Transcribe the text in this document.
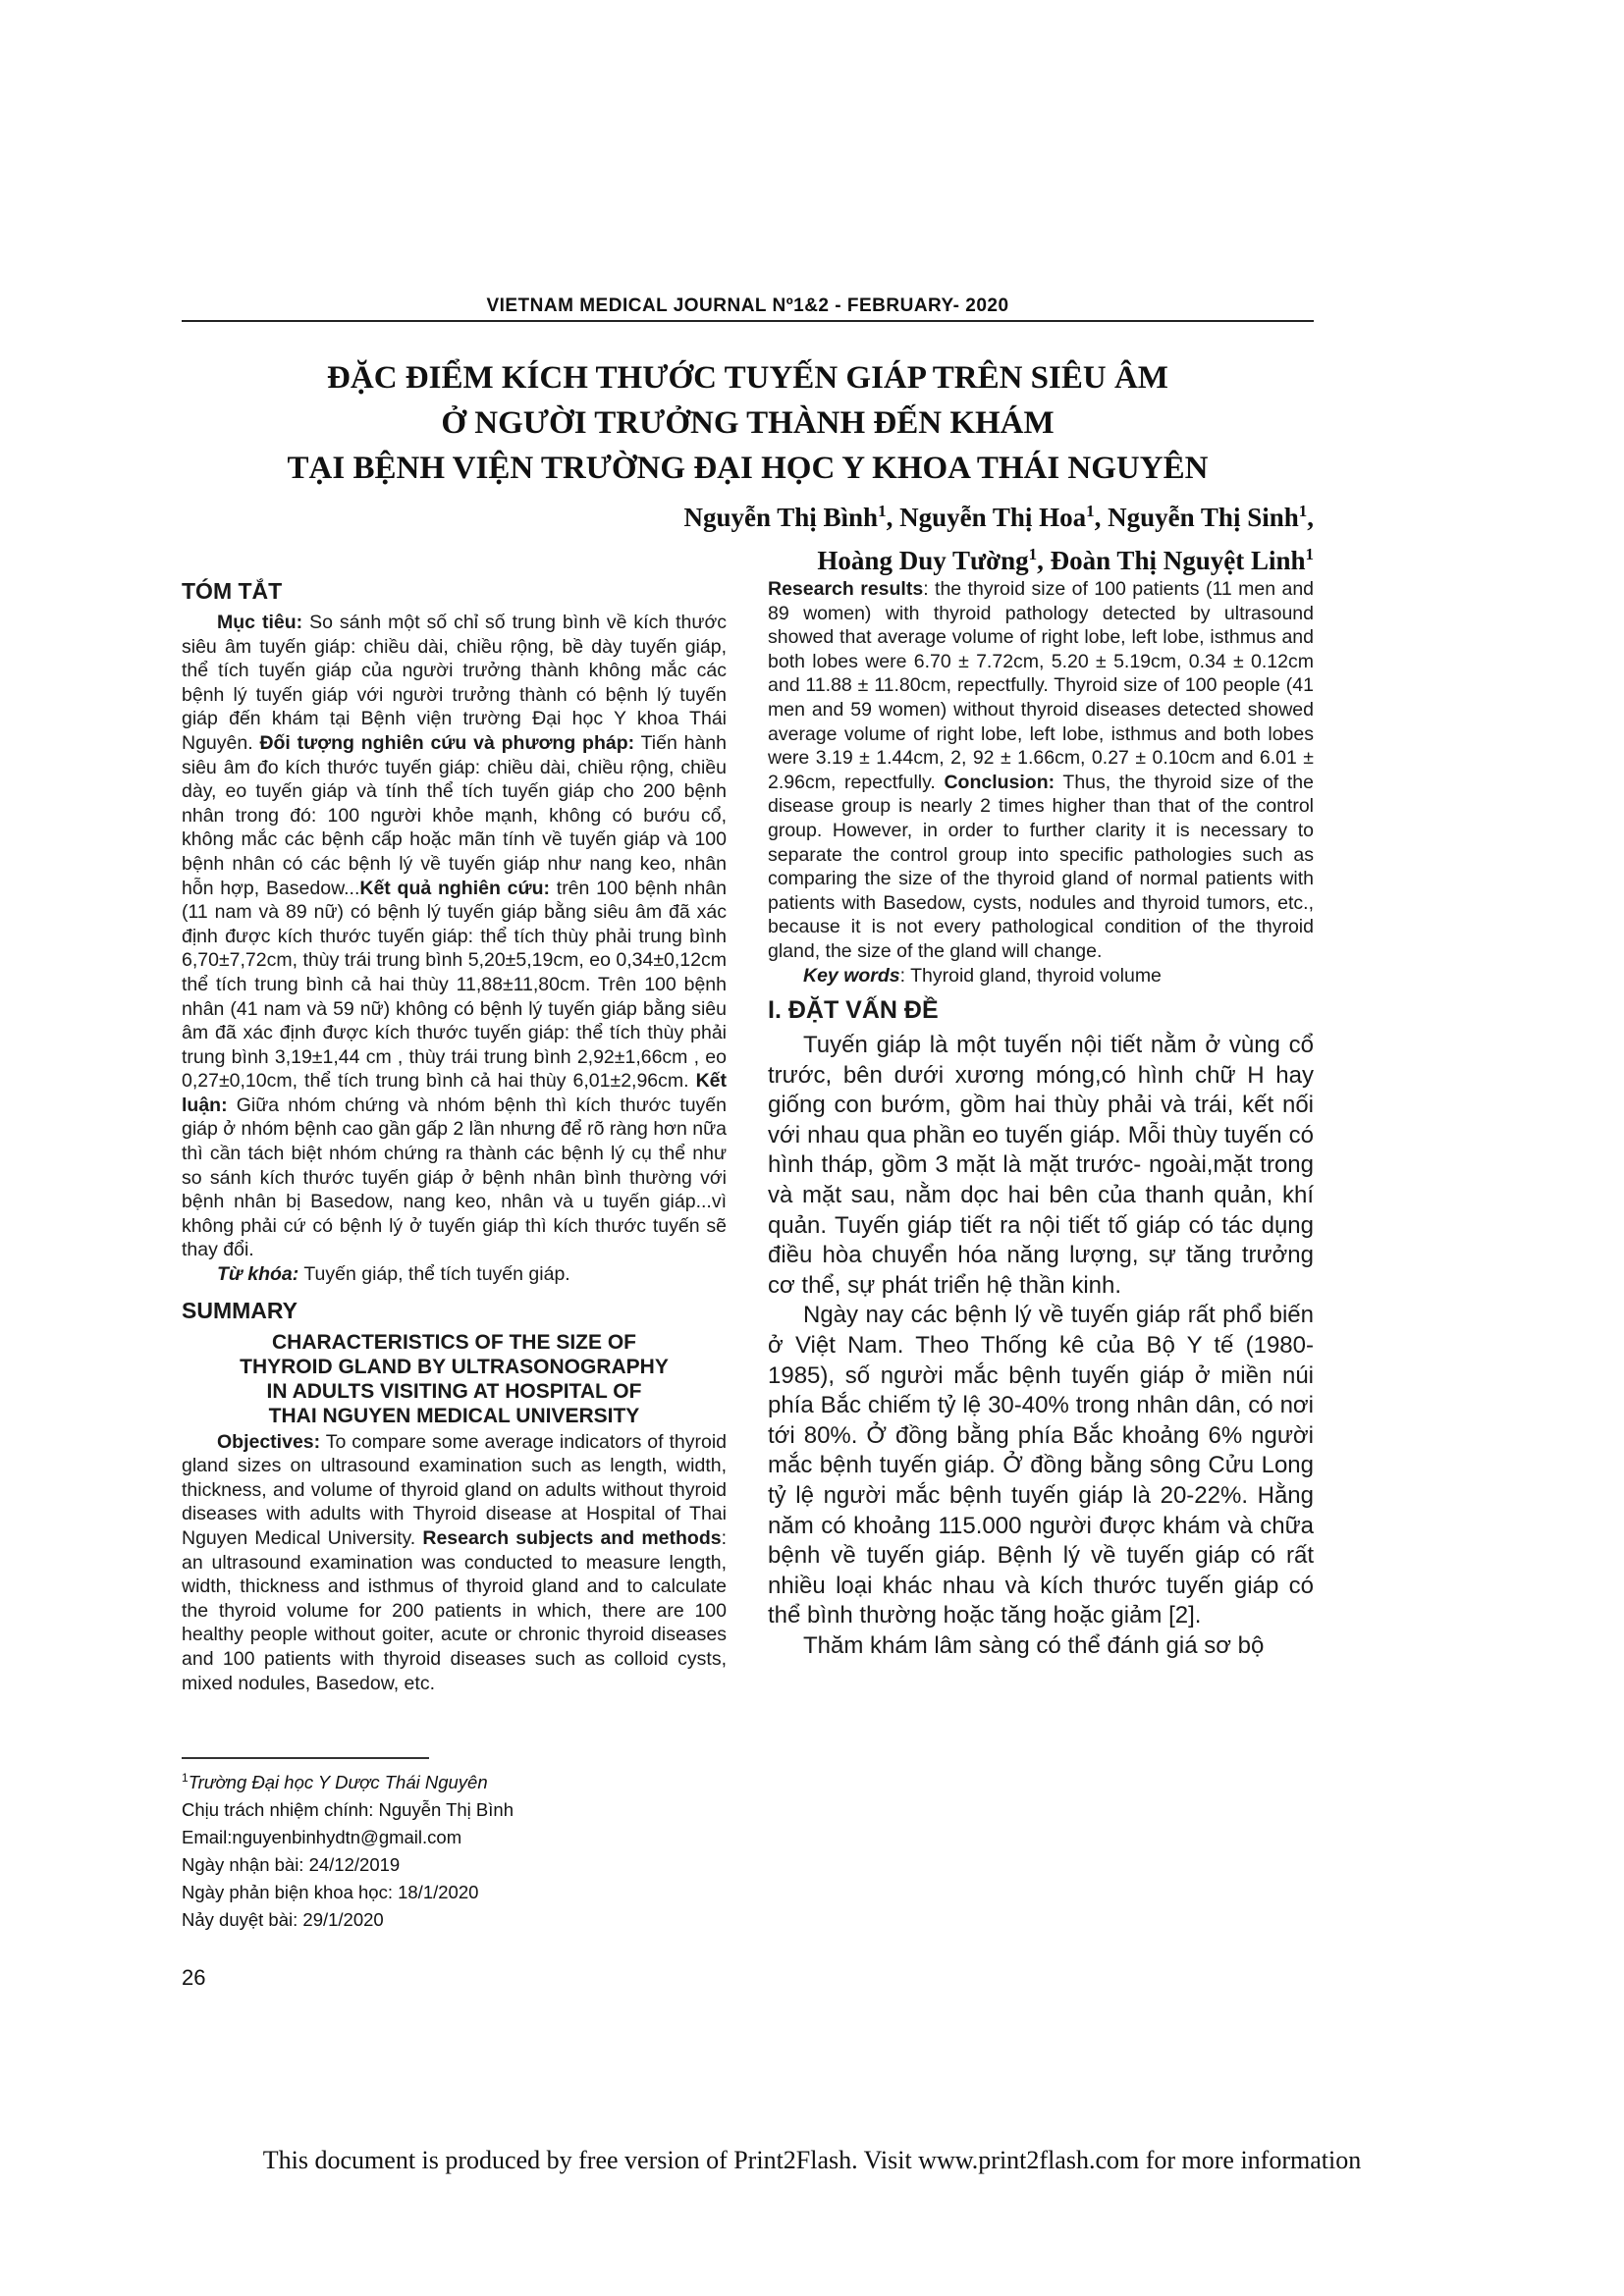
VIETNAM MEDICAL JOURNAL Nº1&2 - FEBRUARY- 2020
ĐẶC ĐIỂM KÍCH THƯỚC TUYẾN GIÁP TRÊN SIÊU ÂM
Ở NGƯỜI TRƯỞNG THÀNH ĐẾN KHÁM
TẠI BỆNH VIỆN TRƯỜNG ĐẠI HỌC Y KHOA THÁI NGUYÊN
Nguyễn Thị Bình$^1$, Nguyễn Thị Hoa$^1$, Nguyễn Thị Sinh$^1$,
Hoàng Duy Tường$^1$, Đoàn Thị Nguyệt Linh$^1$
TÓM TẮT

Mục tiêu: So sánh một số chỉ số trung bình về kích thước siêu âm tuyến giáp: chiều dài, chiều rộng, bề dày tuyến giáp, thể tích tuyến giáp của người trưởng thành không mắc các bệnh lý tuyến giáp với người trưởng thành có bệnh lý tuyến giáp đến khám tại Bệnh viện trường Đại học Y khoa Thái Nguyên. Đối tượng nghiên cứu và phương pháp: Tiến hành siêu âm đo kích thước tuyến giáp: chiều dài, chiều rộng, chiều dày, eo tuyến giáp và tính thể tích tuyến giáp cho 200 bệnh nhân trong đó: 100 người khỏe mạnh, không có bướu cổ, không mắc các bệnh cấp hoặc mãn tính về tuyến giáp và 100 bệnh nhân có các bệnh lý về tuyến giáp như nang keo, nhân hỗn hợp, Basedow...Kết quả nghiên cứu: trên 100 bệnh nhân (11 nam và 89 nữ) có bệnh lý tuyến giáp bằng siêu âm đã xác định được kích thước tuyến giáp: thể tích thùy phải trung bình 6,70±7,72cm, thùy trái trung bình 5,20±5,19cm, eo 0,34±0,12cm thể tích trung bình cả hai thùy 11,88±11,80cm. Trên 100 bệnh nhân (41 nam và 59 nữ) không có bệnh lý tuyến giáp bằng siêu âm đã xác định được kích thước tuyến giáp: thể tích thùy phải trung bình 3,19±1,44 cm , thùy trái trung bình 2,92±1,66cm , eo 0,27±0,10cm, thể tích trung bình cả hai thùy 6,01±2,96cm. Kết luận: Giữa nhóm chứng và nhóm bệnh thì kích thước tuyến giáp ở nhóm bệnh cao gần gấp 2 lần nhưng để rõ ràng hơn nữa thì cần tách biệt nhóm chứng ra thành các bệnh lý cụ thể như so sánh kích thước tuyến giáp ở bệnh nhân bình thường với bệnh nhân bị Basedow, nang keo, nhân và u tuyến giáp...vì không phải cứ có bệnh lý ở tuyến giáp thì kích thước tuyến sẽ thay đổi.

Từ khóa: Tuyến giáp, thể tích tuyến giáp.

SUMMARY
CHARACTERISTICS OF THE SIZE OF
THYROID GLAND BY ULTRASONOGRAPHY
IN ADULTS VISITING AT HOSPITAL OF
THAI NGUYEN MEDICAL UNIVERSITY

Objectives: To compare some average indicators of thyroid gland sizes on ultrasound examination such as length, width, thickness, and volume of thyroid gland on adults without thyroid diseases with adults with Thyroid disease at Hospital of Thai Nguyen Medical University. Research subjects and methods: an ultrasound examination was conducted to measure length, width, thickness and isthmus of thyroid gland and to calculate the thyroid volume for 200 patients in which, there are 100 healthy people without goiter, acute or chronic thyroid diseases and 100 patients with thyroid diseases such as colloid cysts, mixed nodules, Basedow, etc.

$^1$Trường Đại học Y Dược Thái Nguyên
Chịu trách nhiệm chính: Nguyễn Thị Bình
Email:nguyenbinhydtn@gmail.com
Ngày nhận bài: 24/12/2019
Ngày phản biện khoa học: 18/1/2020
Nảy duyệt bài: 29/1/2020

Research results: the thyroid size of 100 patients (11 men and 89 women) with thyroid pathology detected by ultrasound showed that average volume of right lobe, left lobe, isthmus and both lobes were 6.70 ± 7.72cm, 5.20 ± 5.19cm, 0.34 ± 0.12cm and 11.88 ± 11.80cm, repectfully. Thyroid size of 100 people (41 men and 59 women) without thyroid diseases detected showed average volume of right lobe, left lobe, isthmus and both lobes were 3.19 ± 1.44cm, 2, 92 ± 1.66cm, 0.27 ± 0.10cm and 6.01 ± 2.96cm, repectfully. Conclusion: Thus, the thyroid size of the disease group is nearly 2 times higher than that of the control group. However, in order to further clarity it is necessary to separate the control group into specific pathologies such as comparing the size of the thyroid gland of normal patients with patients with Basedow, cysts, nodules and thyroid tumors, etc., because it is not every pathological condition of the thyroid gland, the size of the gland will change.

Key words: Thyroid gland, thyroid volume

I. ĐẶT VẤN ĐỀ

Tuyến giáp là một tuyến nội tiết nằm ở vùng cổ trước, bên dưới xương móng,có hình chữ H hay giống con bướm, gồm hai thùy phải và trái, kết nối với nhau qua phần eo tuyến giáp. Mỗi thùy tuyến có hình tháp, gồm 3 mặt là mặt trước- ngoài,mặt trong và mặt sau, nằm dọc hai bên của thanh quản, khí quản. Tuyến giáp tiết ra nội tiết tố giáp có tác dụng điều hòa chuyển hóa năng lượng, sự tăng trưởng cơ thể, sự phát triển hệ thần kinh.

Ngày nay các bệnh lý về tuyến giáp rất phổ biến ở Việt Nam. Theo Thống kê của Bộ Y tế (1980-1985), số người mắc bệnh tuyến giáp ở miền núi phía Bắc chiếm tỷ lệ 30-40% trong nhân dân, có nơi tới 80%. Ở đồng bằng phía Bắc khoảng 6% người mắc bệnh tuyến giáp. Ở đồng bằng sông Cửu Long tỷ lệ người mắc bệnh tuyến giáp là 20-22%. Hằng năm có khoảng 115.000 người được khám và chữa bệnh về tuyến giáp. Bệnh lý về tuyến giáp có rất nhiều loại khác nhau và kích thước tuyến giáp có thể bình thường hoặc tăng hoặc giảm [2].

Thăm khám lâm sàng có thể đánh giá sơ bộ

26
This document is produced by free version of Print2Flash. Visit www.print2flash.com for more information
